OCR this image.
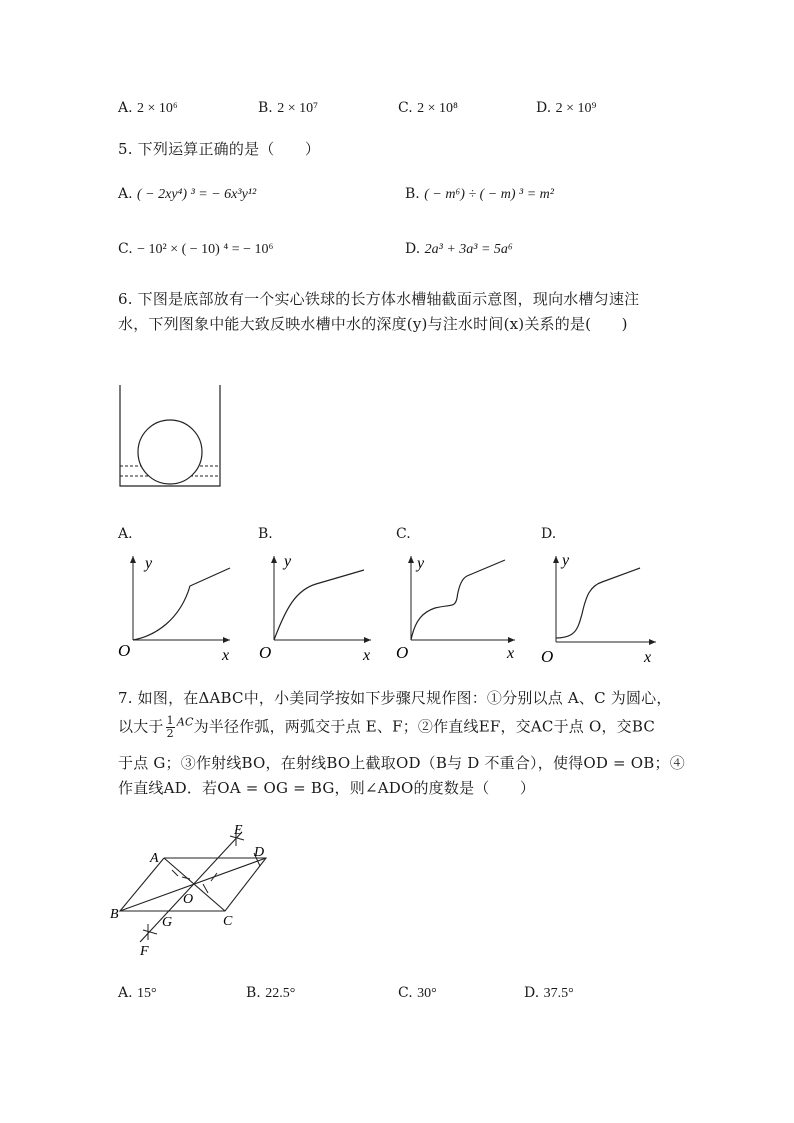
A. 2 × 10⁶	B. 2 × 10⁷	C. 2 × 10⁸	D. 2 × 10⁹
5. 下列运算正确的是（　　）
A. ( − 2xy⁴) ³ = − 6x³y¹²	B. ( − m⁶) ÷ ( − m) ³ = m²
C. − 10² × ( − 10) ⁴ = − 10⁶	D. 2a³ + 3a³ = 5a⁶
6. 下图是底部放有一个实心铁球的长方体水槽轴截面示意图，现向水槽匀速注
水，下列图象中能大致反映水槽中水的深度(y)与注水时间(x)关系的是(　　)
A.	B.	C.	D.
y
x
O
y
x
O
y
x
O
y
x
O
7. 如图，在ΔABC中，小美同学按如下步骤尺规作图：①分别以点 A、C 为圆心，
以大于 $\frac{1}{2} ^{AC}$为半径作弧，两弧交于点 E、F；②作直线EF，交AC于点 O，交BC
于点 G；③作射线BO，在射线BO上截取OD（B与 D 不重合），使得OD = OB；④
作直线AD．若OA = OG = BG，则∠ADO的度数是（　　）
A
B	C
D
E
F
G
O
A. 15°	B. 22.5°	C. 30°	D. 37.5°
